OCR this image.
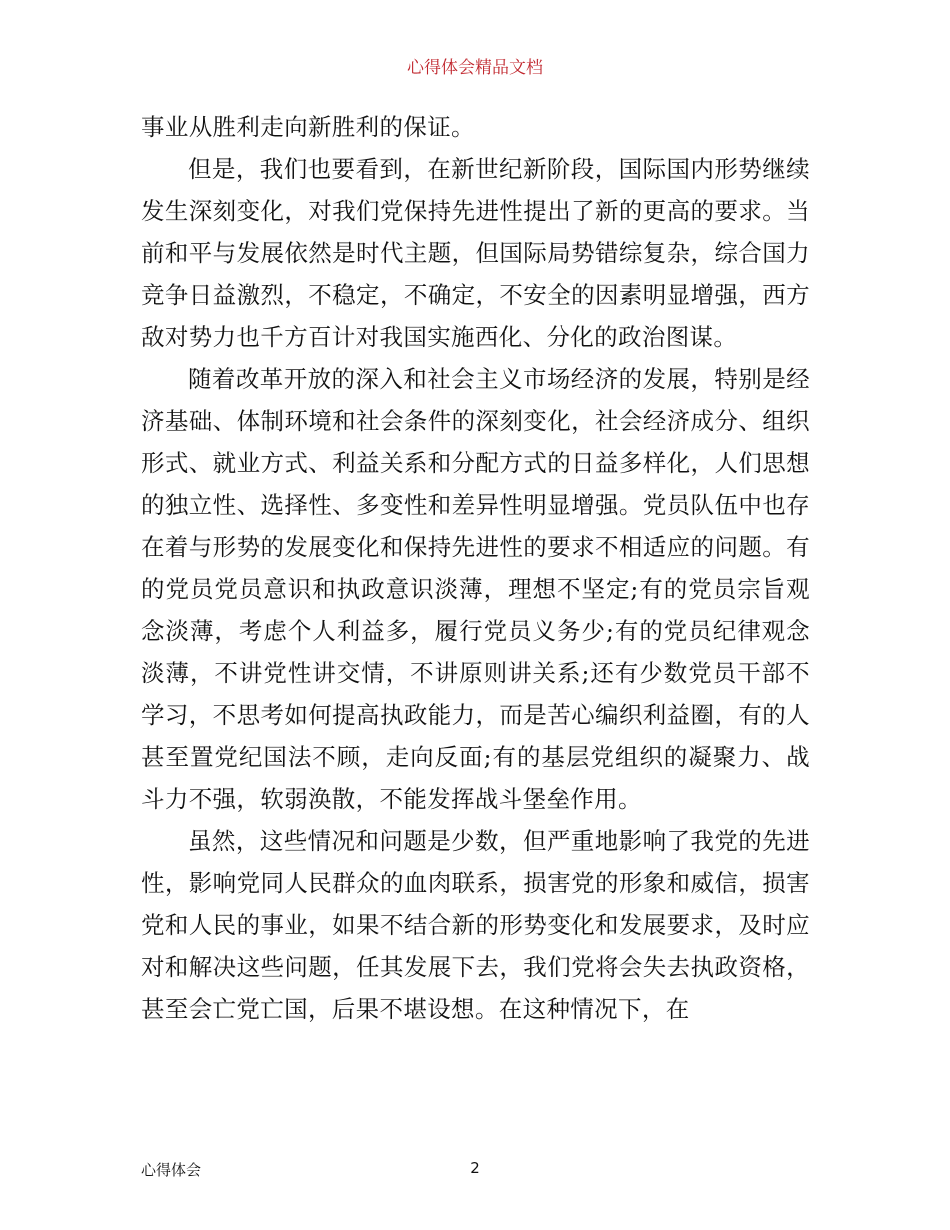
心得体会精品文档

事业从胜利走向新胜利的保证。

但是，我们也要看到，在新世纪新阶段，国际国内形势继续发生深刻变化，对我们党保持先进性提出了新的更高的要求。当前和平与发展依然是时代主题，但国际局势错综复杂，综合国力竞争日益激烈，不稳定，不确定，不安全的因素明显增强，西方敌对势力也千方百计对我国实施西化、分化的政治图谋。

随着改革开放的深入和社会主义市场经济的发展，特别是经济基础、体制环境和社会条件的深刻变化，社会经济成分、组织形式、就业方式、利益关系和分配方式的日益多样化，人们思想的独立性、选择性、多变性和差异性明显增强。党员队伍中也存在着与形势的发展变化和保持先进性的要求不相适应的问题。有的党员党员意识和执政意识淡薄，理想不坚定;有的党员宗旨观念淡薄，考虑个人利益多，履行党员义务少;有的党员纪律观念淡薄，不讲党性讲交情，不讲原则讲关系;还有少数党员干部不学习，不思考如何提高执政能力，而是苦心编织利益圈，有的人甚至置党纪国法不顾，走向反面;有的基层党组织的凝聚力、战斗力不强，软弱涣散，不能发挥战斗堡垒作用。

虽然，这些情况和问题是少数，但严重地影响了我党的先进性，影响党同人民群众的血肉联系，损害党的形象和威信，损害党和人民的事业，如果不结合新的形势变化和发展要求，及时应对和解决这些问题，任其发展下去，我们党将会失去执政资格，甚至会亡党亡国，后果不堪设想。在这种情况下，在

心得体会	2
